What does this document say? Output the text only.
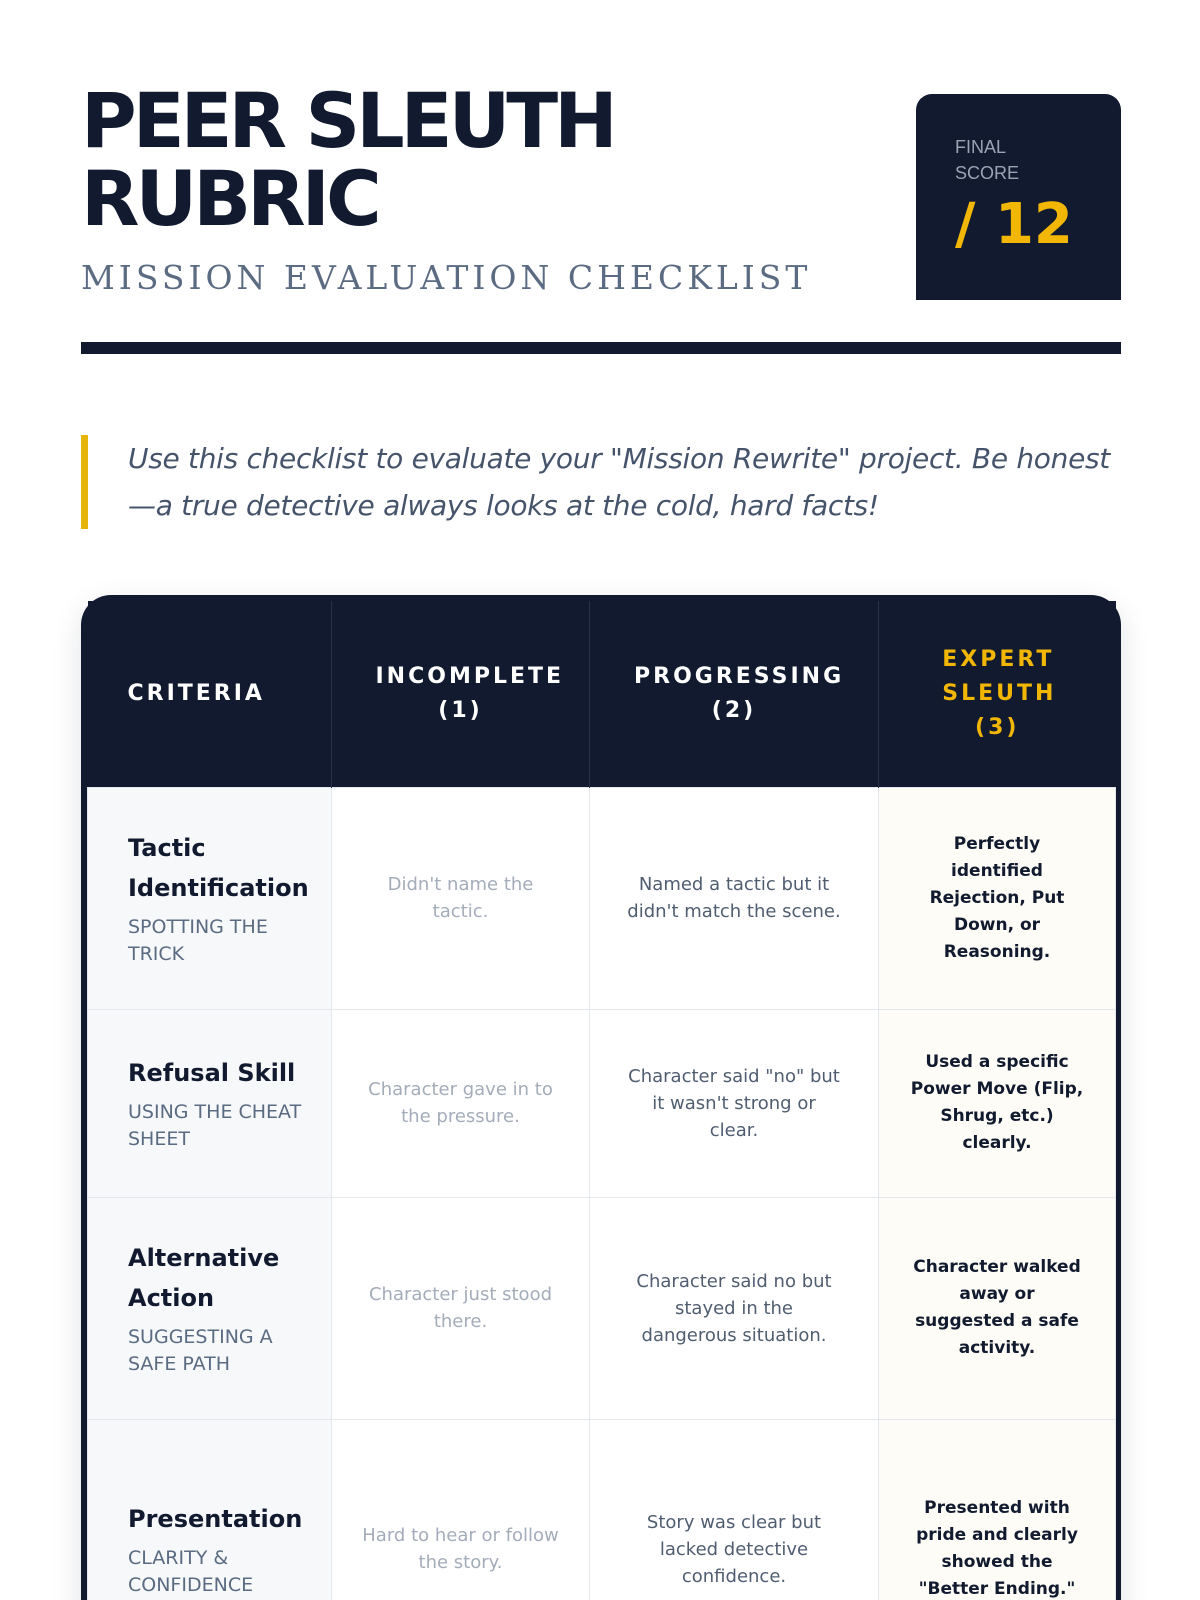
PEER SLEUTH RUBRIC
MISSION EVALUATION CHECKLIST
FINAL SCORE
/ 12

Use this checklist to evaluate your "Mission Rewrite" project. Be honest—a true detective always looks at the cold, hard facts!

CRITERIA	INCOMPLETE (1)	PROGRESSING (2)	EXPERT SLEUTH (3)

Tactic Identification
SPOTTING THE TRICK	Didn't name the tactic.	Named a tactic but it didn't match the scene.	Perfectly identified Rejection, Put Down, or Reasoning.

Refusal Skill
USING THE CHEAT SHEET	Character gave in to the pressure.	Character said "no" but it wasn't strong or clear.	Used a specific Power Move (Flip, Shrug, etc.) clearly.

Alternative Action
SUGGESTING A SAFE PATH	Character just stood there.	Character said no but stayed in the dangerous situation.	Character walked away or suggested a safe activity.

Presentation
CLARITY & CONFIDENCE	Hard to hear or follow the story.	Story was clear but lacked detective confidence.	Presented with pride and clearly showed the "Better Ending."
